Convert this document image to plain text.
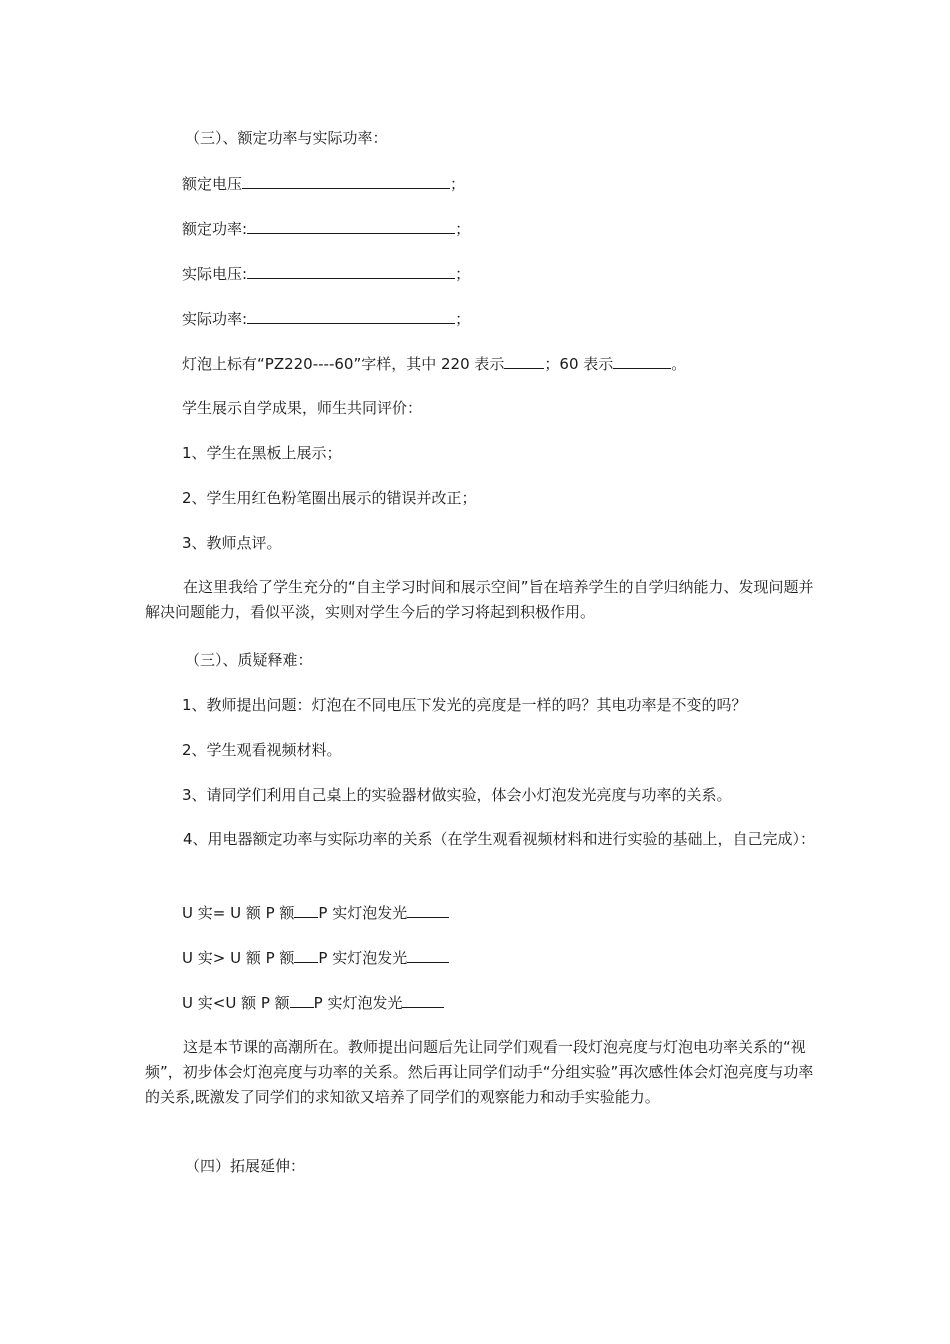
（三）、额定功率与实际功率：
额定电压	；
额定功率:	；
实际电压:	；
实际功率:	；
灯泡上标有“PZ220----60”字样，其中 220 表示	；60 表示	。
学生展示自学成果，师生共同评价：
1、学生在黑板上展示；
2、学生用红色粉笔圈出展示的错误并改正；
3、教师点评。
在这里我给了学生充分的“自主学习时间和展示空间”旨在培养学生的自学归纳能力、发现问题并解决问题能力，看似平淡，实则对学生今后的学习将起到积极作用。
（三）、质疑释难：
1、教师提出问题：灯泡在不同电压下发光的亮度是一样的吗？其电功率是不变的吗？
2、学生观看视频材料。
3、请同学们利用自己桌上的实验器材做实验，体会小灯泡发光亮度与功率的关系。
4、用电器额定功率与实际功率的关系（在学生观看视频材料和进行实验的基础上，自己完成）：
U 实= U 额 P 额 P 实灯泡发光
U 实> U 额 P 额 P 实灯泡发光
U 实<U 额 P 额 P 实灯泡发光
这是本节课的高潮所在。教师提出问题后先让同学们观看一段灯泡亮度与灯泡电功率关系的“视频”，初步体会灯泡亮度与功率的关系。然后再让同学们动手“分组实验”再次感性体会灯泡亮度与功率的关系,既激发了同学们的求知欲又培养了同学们的观察能力和动手实验能力。
（四）拓展延伸：
